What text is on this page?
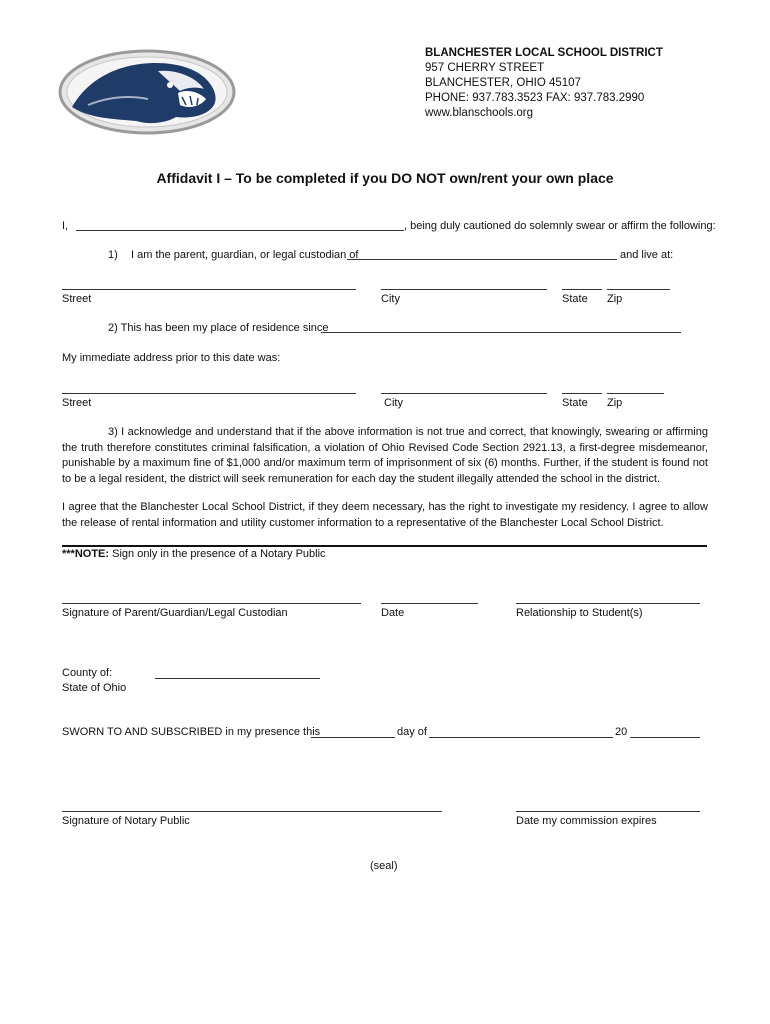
BLANCHESTER LOCAL SCHOOL DISTRICT
957 CHERRY STREET
BLANCHESTER, OHIO 45107
PHONE: 937.783.3523 FAX: 937.783.2990
www.blanschools.org
Affidavit I – To be completed if you DO NOT own/rent your own place
I,	, being duly cautioned do solemnly swear or affirm the following:
1) I am the parent, guardian, or legal custodian of	and live at:
Street	City	State Zip
2) This has been my place of residence since
My immediate address prior to this date was:
Street	City	State Zip
3) I acknowledge and understand that if the above information is not true and correct, that knowingly, swearing or affirming the truth therefore constitutes criminal falsification, a violation of Ohio Revised Code Section 2921.13, a first-degree misdemeanor, punishable by a maximum fine of $1,000 and/or maximum term of imprisonment of six (6) months. Further, if the student is found not to be a legal resident, the district will seek remuneration for each day the student illegally attended the school in the district.
I agree that the Blanchester Local School District, if they deem necessary, has the right to investigate my residency. I agree to allow the release of rental information and utility customer information to a representative of the Blanchester Local School District.
***NOTE: Sign only in the presence of a Notary Public
Signature of Parent/Guardian/Legal Custodian	Date	Relationship to Student(s)
County of:
State of Ohio
SWORN TO AND SUBSCRIBED in my presence this	day of	20
Signature of Notary Public	Date my commission expires
(seal)
